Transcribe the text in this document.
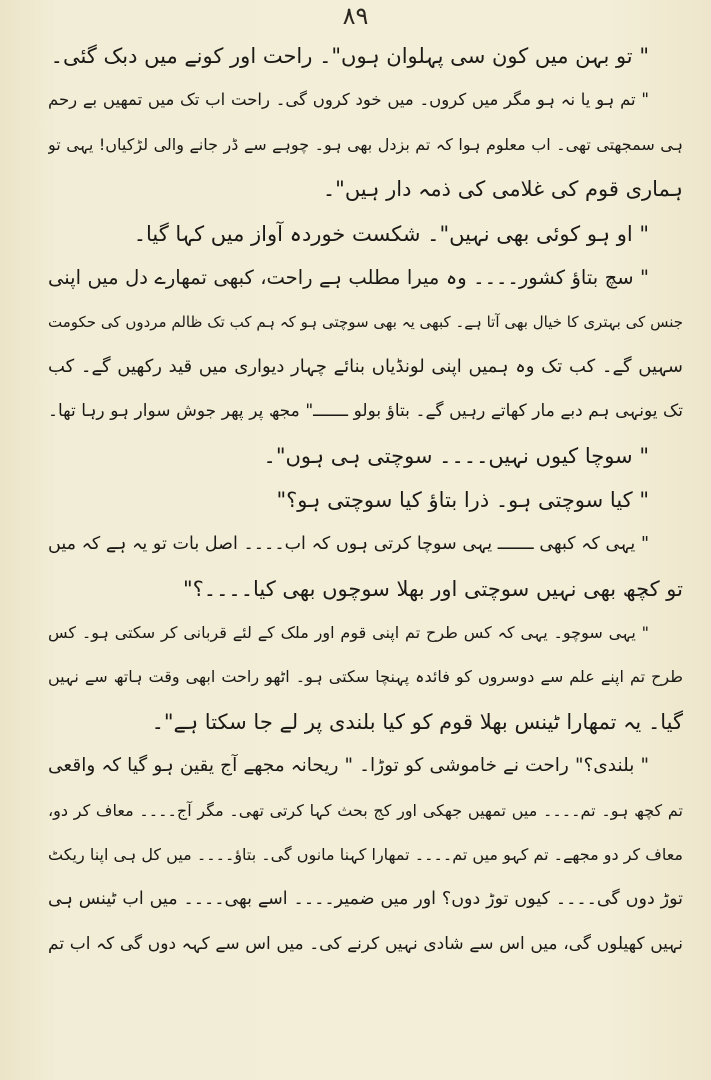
۸۹
" تو بہن میں کون سی پہلوان ہوں"۔ راحت اور کونے میں دبک گئی۔
" تم ہو یا نہ ہو مگر میں کروں۔ میں خود کروں گی۔ راحت اب تک میں تمھیں بے رحم
ہی سمجھتی تھی۔ اب معلوم ہوا کہ تم بزدل بھی ہو۔ چوہے سے ڈر جانے والی لڑکیاں! یہی تو
ہماری قوم کی غلامی کی ذمہ دار ہیں"۔
" او ہو کوئی بھی نہیں"۔ شکست خوردہ آواز میں کہا گیا۔
" سچ بتاؤ کشور۔۔۔۔ وہ میرا مطلب ہے راحت، کبھی تمھارے دل میں اپنی
جنس کی بہتری کا خیال بھی آتا ہے۔ کبھی یہ بھی سوچتی ہو کہ ہم کب تک ظالم مردوں کی حکومت
سہیں گے۔ کب تک وہ ہمیں اپنی لونڈیاں بنائے چہار دیواری میں قید رکھیں گے۔ کب
تک یونہی ہم دبے مار کھاتے رہیں گے۔ بتاؤ بولو ـــــــ" مجھ پر پھر جوش سوار ہو رہا تھا۔
" سوچا کیوں نہیں۔۔۔۔ سوچتی ہی ہوں"۔
" کیا سوچتی ہو۔ ذرا بتاؤ کیا سوچتی ہو؟"
" یہی کہ کبھی ـــــــ یہی سوچا کرتی ہوں کہ اب۔۔۔۔ اصل بات تو یہ ہے کہ میں
تو کچھ بھی نہیں سوچتی اور بھلا سوچوں بھی کیا۔۔۔۔؟"
" یہی سوچو۔ یہی کہ کس طرح تم اپنی قوم اور ملک کے لئے قربانی کر سکتی ہو۔ کس
طرح تم اپنے علم سے دوسروں کو فائدہ پہنچا سکتی ہو۔ اٹھو راحت ابھی وقت ہاتھ سے نہیں
گیا۔ یہ تمھارا ٹینس بھلا قوم کو کیا بلندی پر لے جا سکتا ہے"۔
" بلندی؟" راحت نے خاموشی کو توڑا۔ " ریحانہ مجھے آج یقین ہو گیا کہ واقعی
تم کچھ ہو۔ تم۔۔۔۔ میں تمھیں جھکی اور کج بحث کہا کرتی تھی۔ مگر آج۔۔۔۔ معاف کر دو،
معاف کر دو مجھے۔ تم کہو میں تم۔۔۔۔ تمھارا کہنا مانوں گی۔ بتاؤ۔۔۔۔ میں کل ہی اپنا ریکٹ
توڑ دوں گی۔۔۔۔ کیوں توڑ دوں؟ اور میں ضمیر۔۔۔۔ اسے بھی۔۔۔۔ میں اب ٹینس ہی
نہیں کھیلوں گی، میں اس سے شادی نہیں کرنے کی۔ میں اس سے کہہ دوں گی کہ اب تم
